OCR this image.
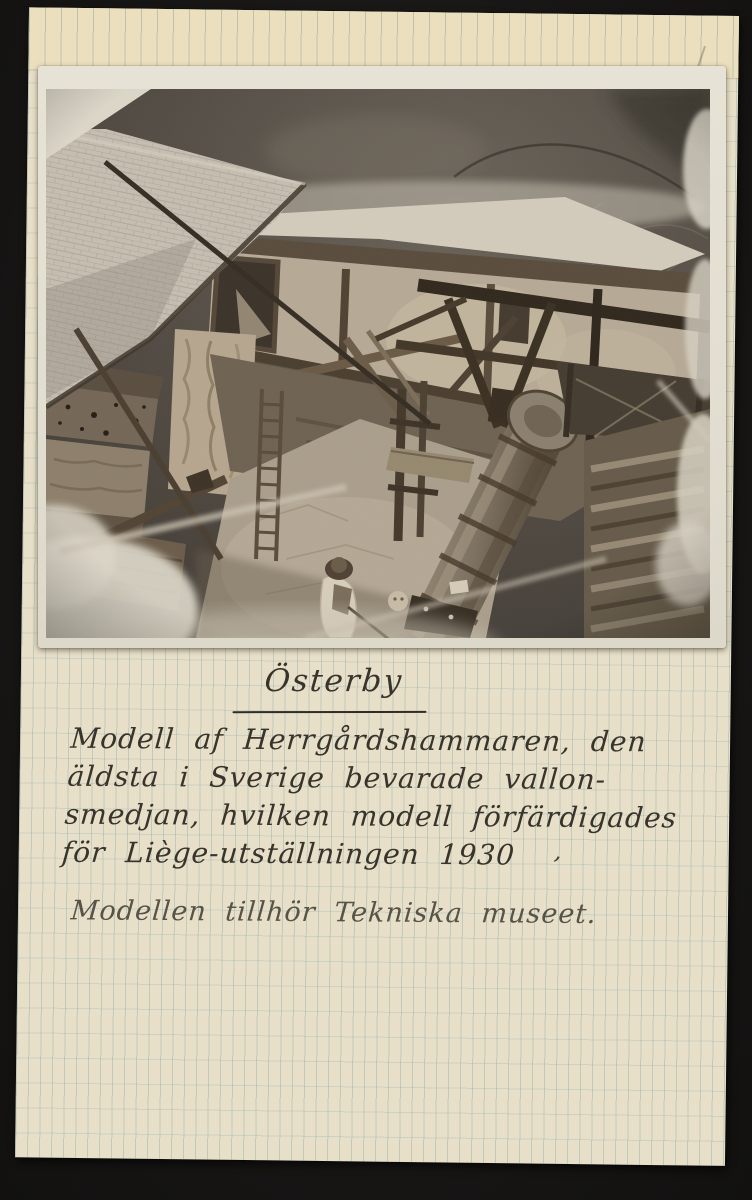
Österby
Modell af Herrgårdshammaren, den
äldsta i Sverige bevarade vallon-
smedjan, hvilken modell förfärdigades
för Liège-utställningen 1930	ʼ
Modellen tillhör Tekniska museet.
